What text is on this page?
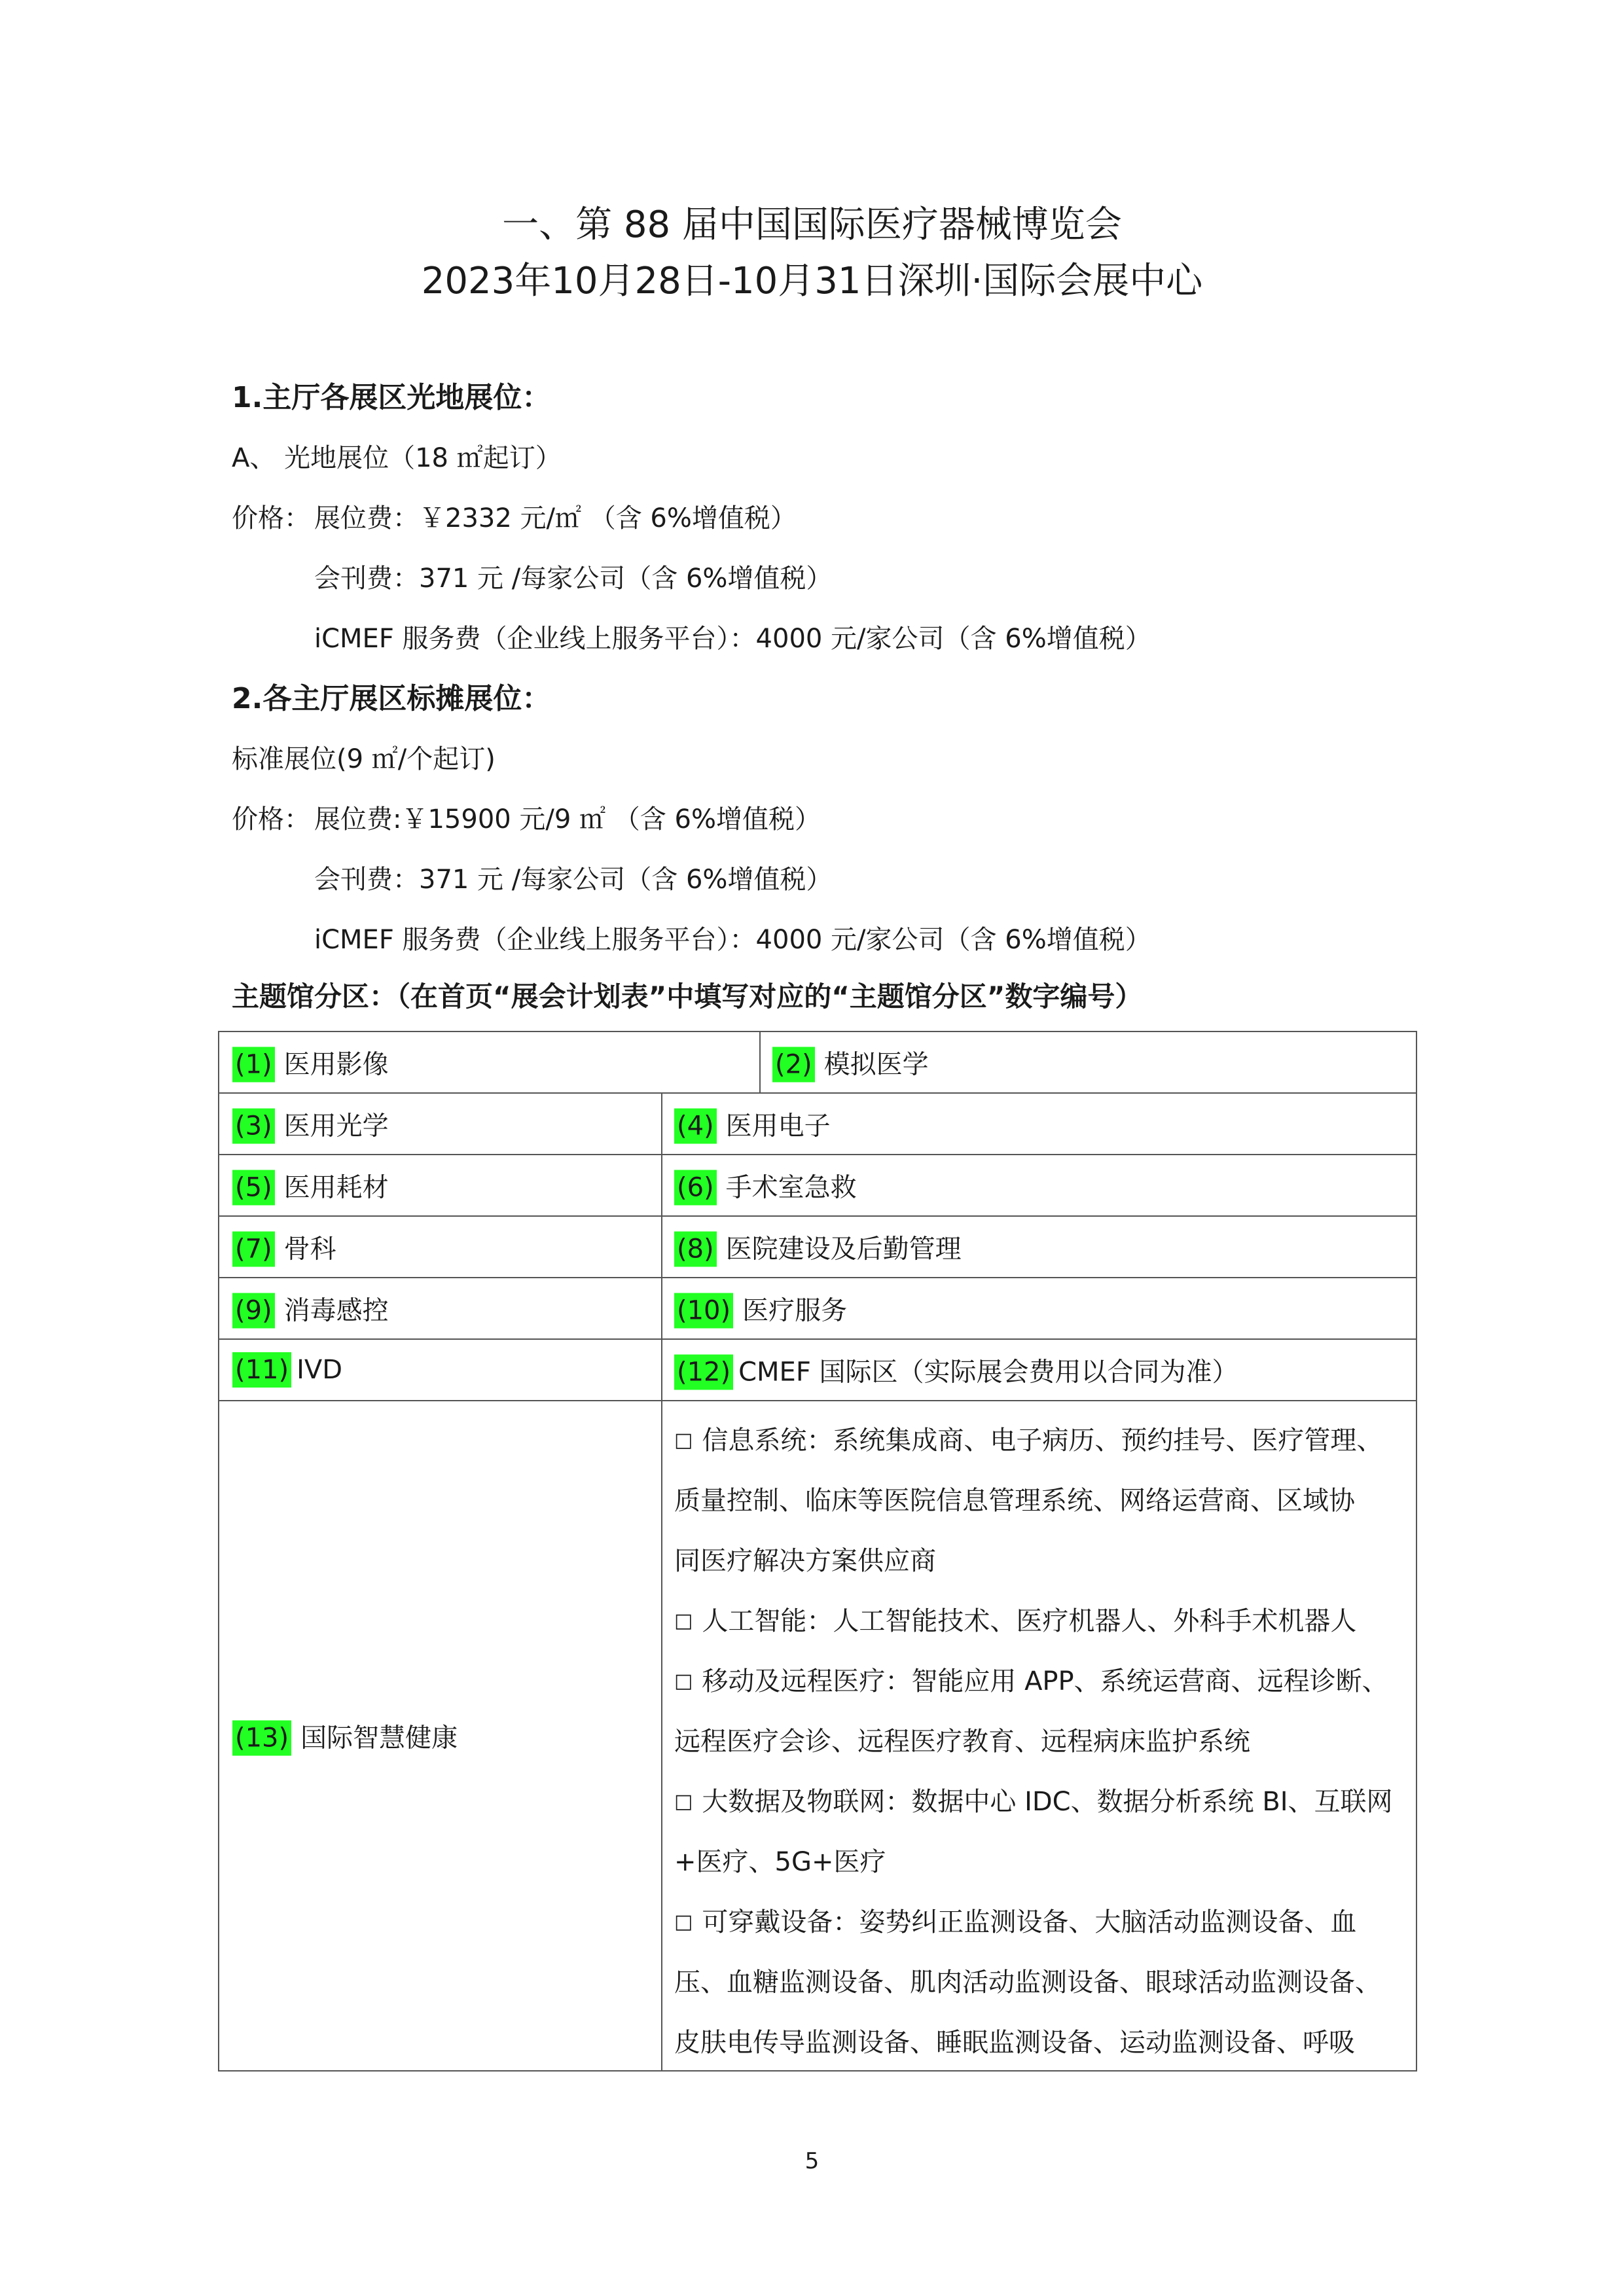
一、第 88 届中国国际医疗器械博览会
2023年10月28日-10月31日深圳·国际会展中心
1.主厅各展区光地展位：
A、 光地展位（18 ㎡起订）
价格： 展位费：￥2332 元/㎡ （含 6%增值税）
会刊费：371 元 /每家公司（含 6%增值税）
iCMEF 服务费（企业线上服务平台）：4000 元/家公司（含 6%增值税）
2.各主厅展区标摊展位：
标准展位(9 ㎡/个起订)
价格： 展位费:￥15900 元/9 ㎡ （含 6%增值税）
会刊费：371 元 /每家公司（含 6%增值税）
iCMEF 服务费（企业线上服务平台）：4000 元/家公司（含 6%增值税）
主题馆分区：（在首页“展会计划表”中填写对应的“主题馆分区”数字编号）
(1) 医用影像	(2) 模拟医学
(3) 医用光学	(4) 医用电子
(5) 医用耗材	(6) 手术室急救
(7) 骨科	(8) 医院建设及后勤管理
(9) 消毒感控	(10) 医疗服务
(11) IVD	(12) CMEF 国际区（实际展会费用以合同为准）
(13) 国际智慧健康
□ 信息系统：系统集成商、电子病历、预约挂号、医疗管理、
质量控制、临床等医院信息管理系统、网络运营商、区域协
同医疗解决方案供应商
□ 人工智能：人工智能技术、医疗机器人、外科手术机器人
□ 移动及远程医疗：智能应用 APP、系统运营商、远程诊断、
远程医疗会诊、远程医疗教育、远程病床监护系统
□ 大数据及物联网：数据中心 IDC、数据分析系统 BI、互联网
+医疗、5G+医疗
□ 可穿戴设备：姿势纠正监测设备、大脑活动监测设备、血
压、血糖监测设备、肌肉活动监测设备、眼球活动监测设备、
皮肤电传导监测设备、睡眠监测设备、运动监测设备、呼吸
5
